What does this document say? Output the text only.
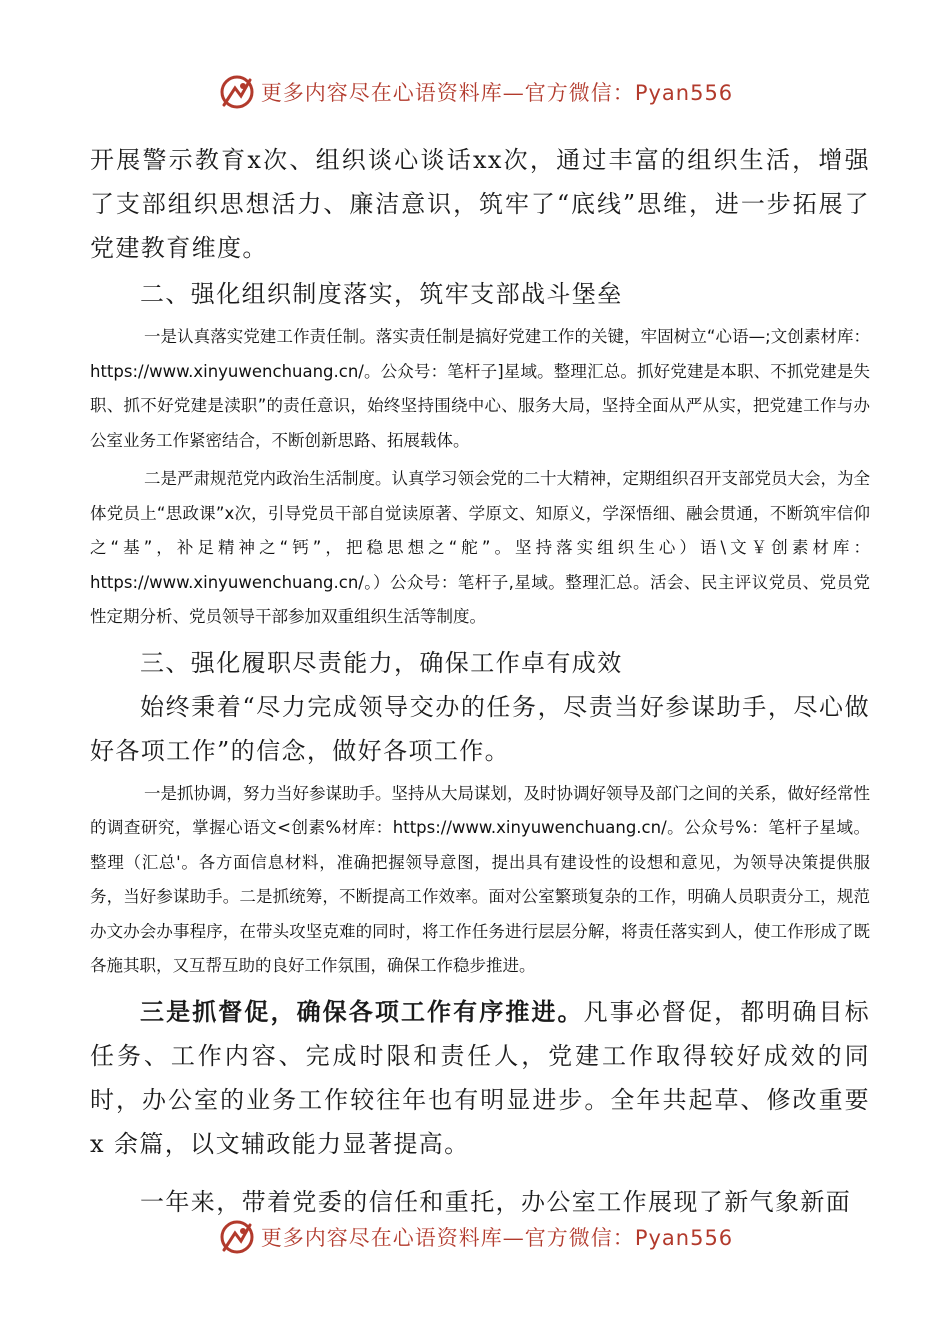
更多内容尽在心语资料库—官方微信：Pyan556

开展警示教育x次、组织谈心谈话xx次，通过丰富的组织生活，增强了支部组织思想活力、廉洁意识，筑牢了“底线”思维，进一步拓展了党建教育维度。

二、强化组织制度落实，筑牢支部战斗堡垒

一是认真落实党建工作责任制。落实责任制是搞好党建工作的关键，牢固树立“心语—;文创素材库：https://www.xinyuwenchuang.cn/。公众号：笔杆子]星域。整理汇总。抓好党建是本职、不抓党建是失职、抓不好党建是渎职”的责任意识，始终坚持围绕中心、服务大局，坚持全面从严从实，把党建工作与办公室业务工作紧密结合，不断创新思路、拓展载体。

二是严肃规范党内政治生活制度。认真学习领会党的二十大精神，定期组织召开支部党员大会，为全体党员上“思政课”x次，引导党员干部自觉读原著、学原文、知原义，学深悟细、融会贯通，不断筑牢信仰之“基”，补足精神之“钙”，把稳思想之“舵”。坚持落实组织生心）语\文￥创素材库：https://www.xinyuwenchuang.cn/。）公众号：笔杆子,星域。整理汇总。活会、民主评议党员、党员党性定期分析、党员领导干部参加双重组织生活等制度。

三、强化履职尽责能力，确保工作卓有成效

始终秉着“尽力完成领导交办的任务，尽责当好参谋助手，尽心做好各项工作”的信念，做好各项工作。

一是抓协调，努力当好参谋助手。坚持从大局谋划，及时协调好领导及部门之间的关系，做好经常性的调查研究，掌握心语文<创素%材库：https://www.xinyuwenchuang.cn/。公众号%：笔杆子星域。整理（汇总'。各方面信息材料，准确把握领导意图，提出具有建设性的设想和意见，为领导决策提供服务，当好参谋助手。二是抓统筹，不断提高工作效率。面对公室繁琐复杂的工作，明确人员职责分工，规范办文办会办事程序，在带头攻坚克难的同时，将工作任务进行层层分解，将责任落实到人，使工作形成了既各施其职，又互帮互助的良好工作氛围，确保工作稳步推进。

三是抓督促，确保各项工作有序推进。凡事必督促，都明确目标任务、工作内容、完成时限和责任人，党建工作取得较好成效的同时，办公室的业务工作较往年也有明显进步。全年共起草、修改重要 x 余篇，以文辅政能力显著提高。

一年来，带着党委的信任和重托，办公室工作展现了新气象新面

更多内容尽在心语资料库—官方微信：Pyan556
